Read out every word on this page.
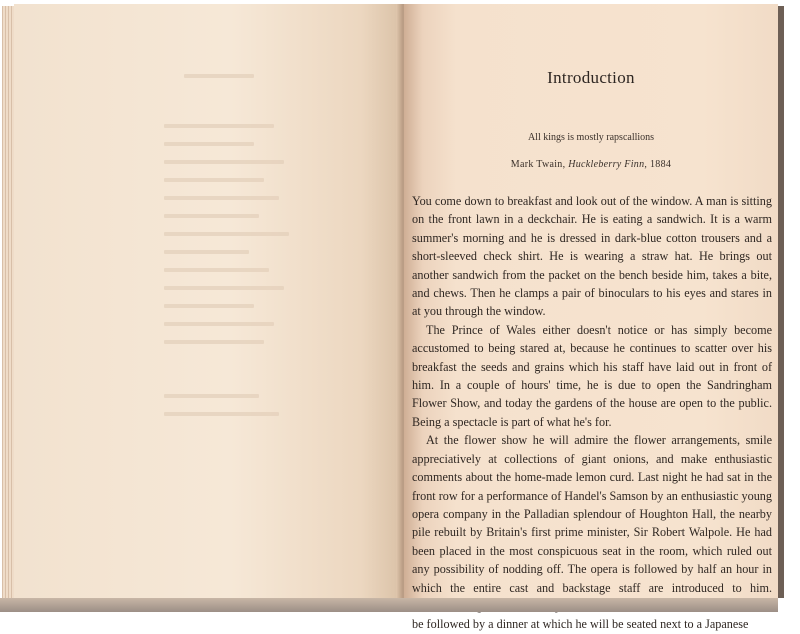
Introduction
All kings is mostly rapscallions
Mark Twain, Huckleberry Finn, 1884

You come down to breakfast and look out of the window. A man is sitting on the front lawn in a deckchair. He is eating a sandwich. It is a warm summer's morning and he is dressed in dark-blue cotton trousers and a short-sleeved check shirt. He is wearing a straw hat. He brings out another sandwich from the packet on the bench beside him, takes a bite, and chews. Then he clamps a pair of binoculars to his eyes and stares in at you through the window.

The Prince of Wales either doesn't notice or has simply become accustomed to being stared at, because he continues to scatter over his breakfast the seeds and grains which his staff have laid out in front of him. In a couple of hours' time, he is due to open the Sandringham Flower Show, and today the gardens of the house are open to the public. Being a spectacle is part of what he's for.

At the flower show he will admire the flower arrangements, smile appreciatively at collections of giant onions, and make enthusiastic comments about the home-made lemon curd. Last night he had sat in the front row for a performance of Handel's Samson by an enthusiastic young opera company in the Palladian splendour of Houghton Hall, the nearby pile rebuilt by Britain's first prime minister, Sir Robert Walpole. He had been placed in the most conspicuous seat in the room, which ruled out any possibility of nodding off. The opera is followed by half an hour in which the entire cast and backstage staff are introduced to him. be followed by a dinner at which he will be seated next to a Japanese
